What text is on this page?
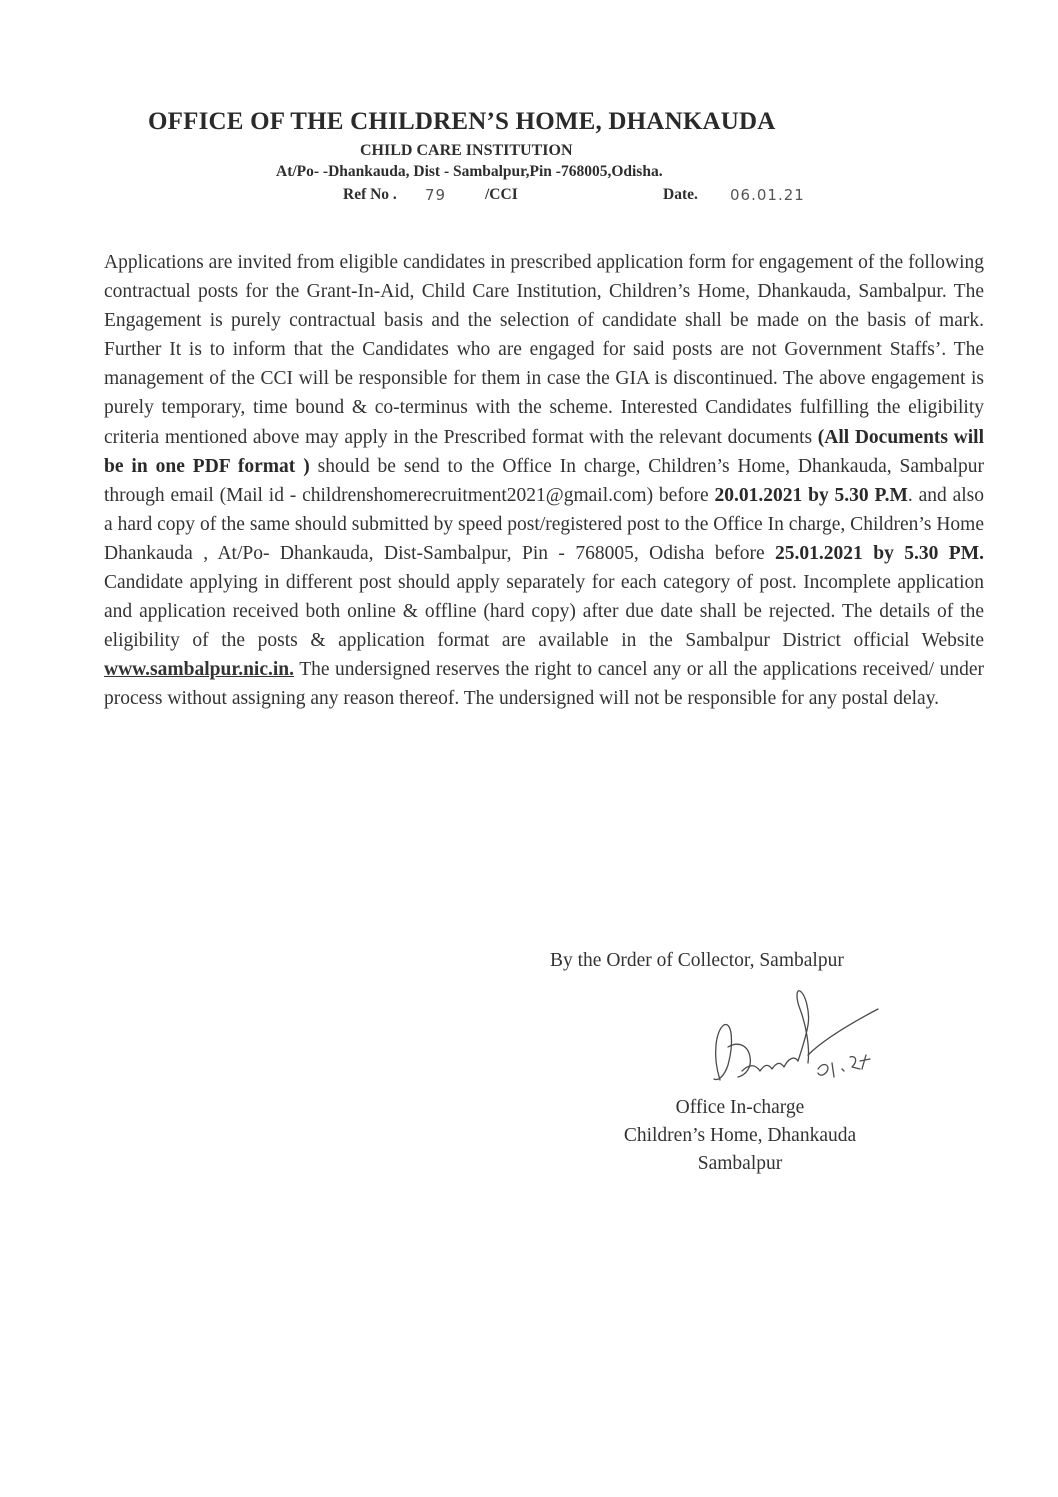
OFFICE OF THE CHILDREN’S HOME, DHANKAUDA
CHILD CARE INSTITUTION
At/Po- -Dhankauda, Dist - Sambalpur,Pin -768005,Odisha.
Ref No . 79	/CCI	Date. 06.01.21
Applications are invited from eligible candidates in prescribed application form for engagement of the following contractual posts for the Grant-In-Aid, Child Care Institution, Children’s Home, Dhankauda, Sambalpur. The Engagement is purely contractual basis and the selection of candidate shall be made on the basis of mark. Further It is to inform that the Candidates who are engaged for said posts are not Government Staffs’. The management of the CCI will be responsible for them in case the GIA is discontinued. The above engagement is purely temporary, time bound & co-terminus with the scheme. Interested Candidates fulfilling the eligibility criteria mentioned above may apply in the Prescribed format with the relevant documents (All Documents will be in one PDF format ) should be send to the Office In charge, Children’s Home, Dhankauda, Sambalpur through email (Mail id - childrenshomerecruitment2021@gmail.com) before 20.01.2021 by 5.30 P.M. and also a hard copy of the same should submitted by speed post/registered post to the Office In charge, Children’s Home Dhankauda , At/Po- Dhankauda, Dist-Sambalpur, Pin - 768005, Odisha before 25.01.2021 by 5.30 PM. Candidate applying in different post should apply separately for each category of post. Incomplete application and application received both online & offline (hard copy) after due date shall be rejected. The details of the eligibility of the posts & application format are available in the Sambalpur District official Website www.sambalpur.nic.in. The undersigned reserves the right to cancel any or all the applications received/ under process without assigning any reason thereof. The undersigned will not be responsible for any postal delay.
By the Order of Collector, Sambalpur
Office In-charge
Children’s Home, Dhankauda
Sambalpur
